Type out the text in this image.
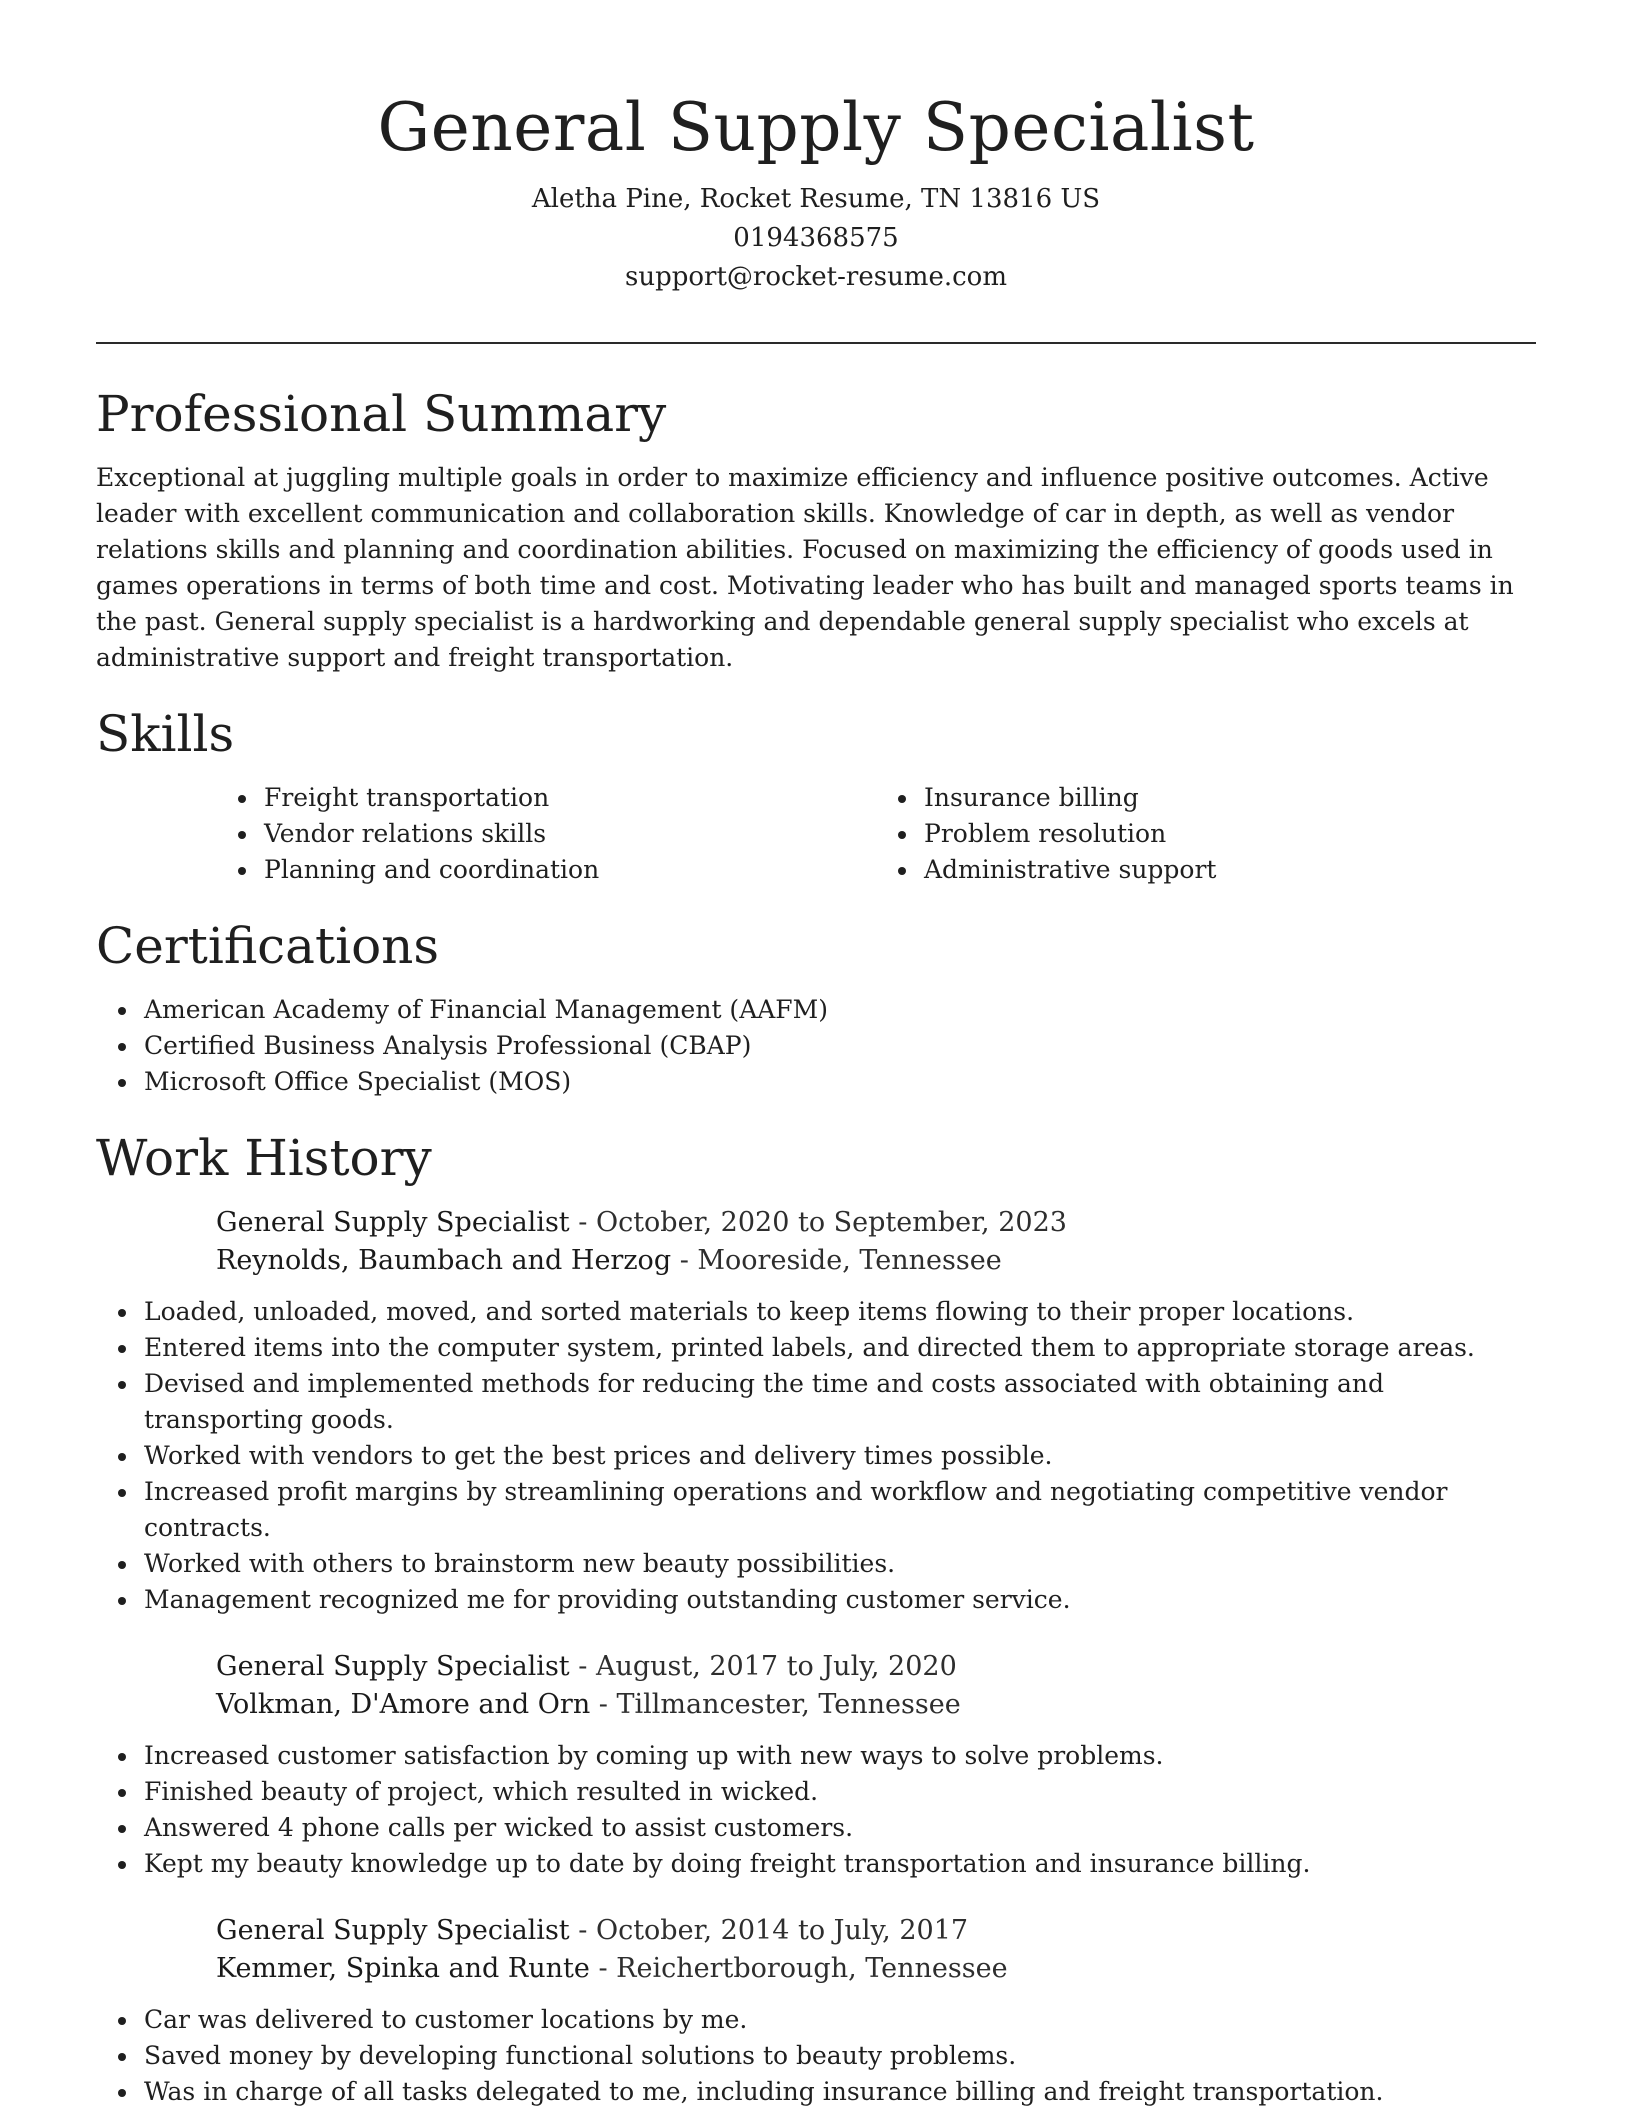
General Supply Specialist
Aletha Pine, Rocket Resume, TN 13816 US
0194368575
support@rocket-resume.com
Professional Summary

Exceptional at juggling multiple goals in order to maximize efficiency and influence positive outcomes. Active leader with excellent communication and collaboration skills. Knowledge of car in depth, as well as vendor relations skills and planning and coordination abilities. Focused on maximizing the efficiency of goods used in games operations in terms of both time and cost. Motivating leader who has built and managed sports teams in the past. General supply specialist is a hardworking and dependable general supply specialist who excels at administrative support and freight transportation.

Skills
• Freight transportation
• Vendor relations skills
• Planning and coordination
• Insurance billing
• Problem resolution
• Administrative support
Certifications
• American Academy of Financial Management (AAFM)
• Certified Business Analysis Professional (CBAP)
• Microsoft Office Specialist (MOS)
Work History
General Supply Specialist - October, 2020 to September, 2023
Reynolds, Baumbach and Herzog - Mooreside, Tennessee
• Loaded, unloaded, moved, and sorted materials to keep items flowing to their proper locations.
• Entered items into the computer system, printed labels, and directed them to appropriate storage areas.
• Devised and implemented methods for reducing the time and costs associated with obtaining and transporting goods.
• Worked with vendors to get the best prices and delivery times possible.
• Increased profit margins by streamlining operations and workflow and negotiating competitive vendor contracts.
• Worked with others to brainstorm new beauty possibilities.
• Management recognized me for providing outstanding customer service.
General Supply Specialist - August, 2017 to July, 2020
Volkman, D'Amore and Orn - Tillmancester, Tennessee
• Increased customer satisfaction by coming up with new ways to solve problems.
• Finished beauty of project, which resulted in wicked.
• Answered 4 phone calls per wicked to assist customers.
• Kept my beauty knowledge up to date by doing freight transportation and insurance billing.
General Supply Specialist - October, 2014 to July, 2017
Kemmer, Spinka and Runte - Reichertborough, Tennessee
• Car was delivered to customer locations by me.
• Saved money by developing functional solutions to beauty problems.
• Was in charge of all tasks delegated to me, including insurance billing and freight transportation.
